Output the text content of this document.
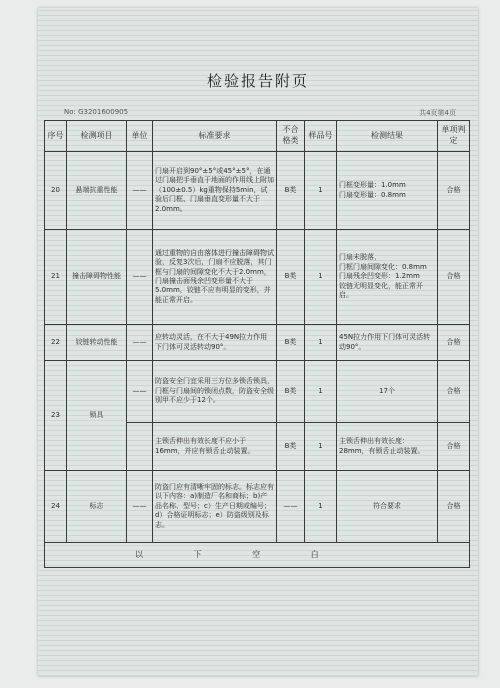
检验报告附页
No: G3201600905	共4页第4页
序号	检测项目	单位	标准要求	不合格类	样品号	检测结果	单项判定
20	悬端抗重性能	——	门扇开启到90°±5°或45°±5°，在通过门扇把手垂直于地面的作用线上附加（100±0.5）kg重物保持5min，试验后门框、门扇垂直变形量不大于2.0mm。	B类	1	门框变形量：1.0mm
门扇变形量：0.8mm	合格
21	撞击障碍物性能	——	通过重物的自由落体进行撞击障碍物试验，反复3次后，门扇不应脱落，其门框与门扇的间隙变化不大于2.0mm，门扇撞击面残余凹变形量不大于5.0mm，铰链不应有明显的变形，并能正常开启。	B类	1	门扇未脱落，
门框门扇间隙变化：0.8mm
门扇残余凹变形：1.2mm
铰链无明显变化，能正常开启。	合格
22	铰链转动性能	——	应转动灵活，在不大于49N拉力作用下门体可灵活转动90°。	B类	1	45N拉力作用下门体可灵活转动90°。	合格
23	锁具	——	防盗安全门宜采用三方位多锁舌锁具，门框与门扇间的锁闭点数，防盗安全级别甲不应少于12个。	B类	1	17个	合格
			主锁舌伸出有效长度不应小于16mm，并应有锁舌止动装置。	B类	1	主锁舌伸出有效长度：28mm，有锁舌止动装置。	合格
24	标志	——	防盗门应有清晰牢固的标志。标志应有以下内容：a)制造厂名和商标；b)产品名称、型号；c）生产日期或编号；d）合格证明标志；e）防盗级别及标志。	——	1	符合要求	合格
以 下 空 白							
